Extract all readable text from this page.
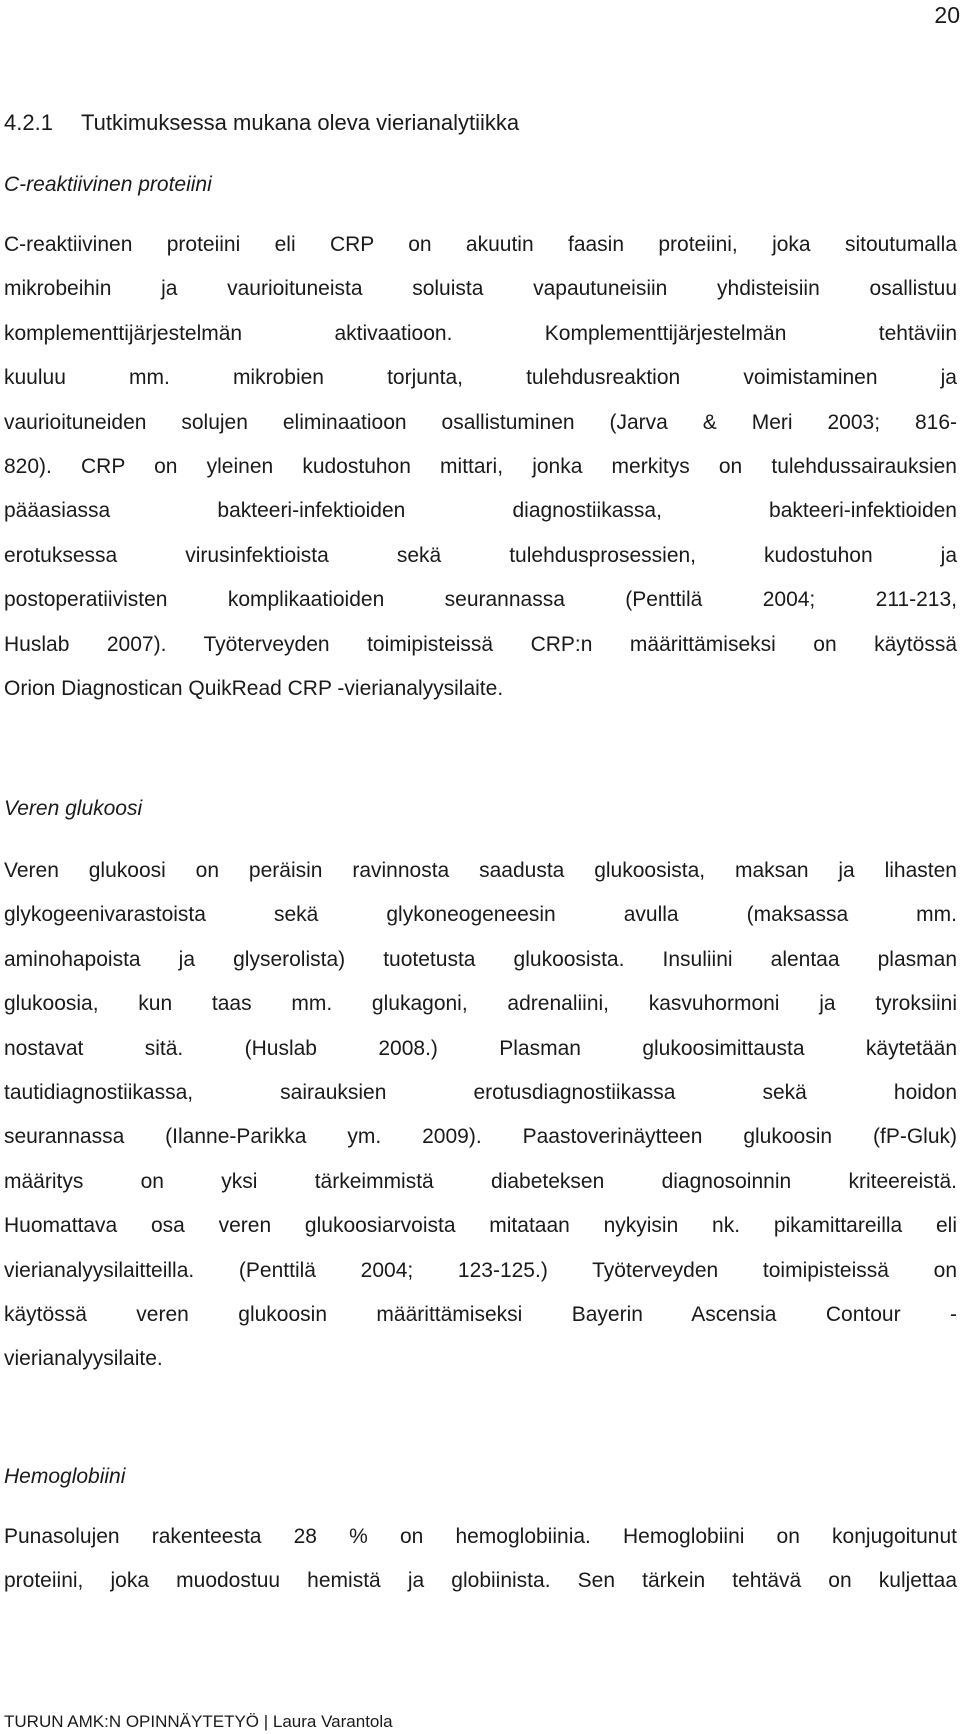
20
4.2.1 Tutkimuksessa mukana oleva vierianalytiikka
C-reaktiivinen proteiini
C-reaktiivinen proteiini eli CRP on akuutin faasin proteiini, joka sitoutumalla
mikrobeihin ja vaurioituneista soluista vapautuneisiin yhdisteisiin osallistuu
komplementtijärjestelmän aktivaatioon. Komplementtijärjestelmän tehtäviin
kuuluu mm. mikrobien torjunta, tulehdusreaktion voimistaminen ja
vaurioituneiden solujen eliminaatioon osallistuminen (Jarva & Meri 2003; 816-
820). CRP on yleinen kudostuhon mittari, jonka merkitys on tulehdussairauksien
pääasiassa bakteeri-infektioiden diagnostiikassa, bakteeri-infektioiden
erotuksessa virusinfektioista sekä tulehdusprosessien, kudostuhon ja
postoperatiivisten komplikaatioiden seurannassa (Penttilä 2004; 211-213,
Huslab 2007). Työterveyden toimipisteissä CRP:n määrittämiseksi on käytössä
Orion Diagnostican QuikRead CRP -vierianalyysilaite.
Veren glukoosi
Veren glukoosi on peräisin ravinnosta saadusta glukoosista, maksan ja lihasten
glykogeenivarastoista sekä glykoneogeneesin avulla (maksassa mm.
aminohapoista ja glyserolista) tuotetusta glukoosista. Insuliini alentaa plasman
glukoosia, kun taas mm. glukagoni, adrenaliini, kasvuhormoni ja tyroksiini
nostavat sitä. (Huslab 2008.) Plasman glukoosimittausta käytetään
tautidiagnostiikassa, sairauksien erotusdiagnostiikassa sekä hoidon
seurannassa (Ilanne-Parikka ym. 2009). Paastoverinäytteen glukoosin (fP-Gluk)
määritys on yksi tärkeimmistä diabeteksen diagnosoinnin kriteereistä.
Huomattava osa veren glukoosiarvoista mitataan nykyisin nk. pikamittareilla eli
vierianalyysilaitteilla. (Penttilä 2004; 123-125.) Työterveyden toimipisteissä on
käytössä veren glukoosin määrittämiseksi Bayerin Ascensia Contour -
vierianalyysilaite.
Hemoglobiini
Punasolujen rakenteesta 28 % on hemoglobiinia. Hemoglobiini on konjugoitunut
proteiini, joka muodostuu hemistä ja globiinista. Sen tärkein tehtävä on kuljettaa
TURUN AMK:N OPINNÄYTETYÖ | Laura Varantola
